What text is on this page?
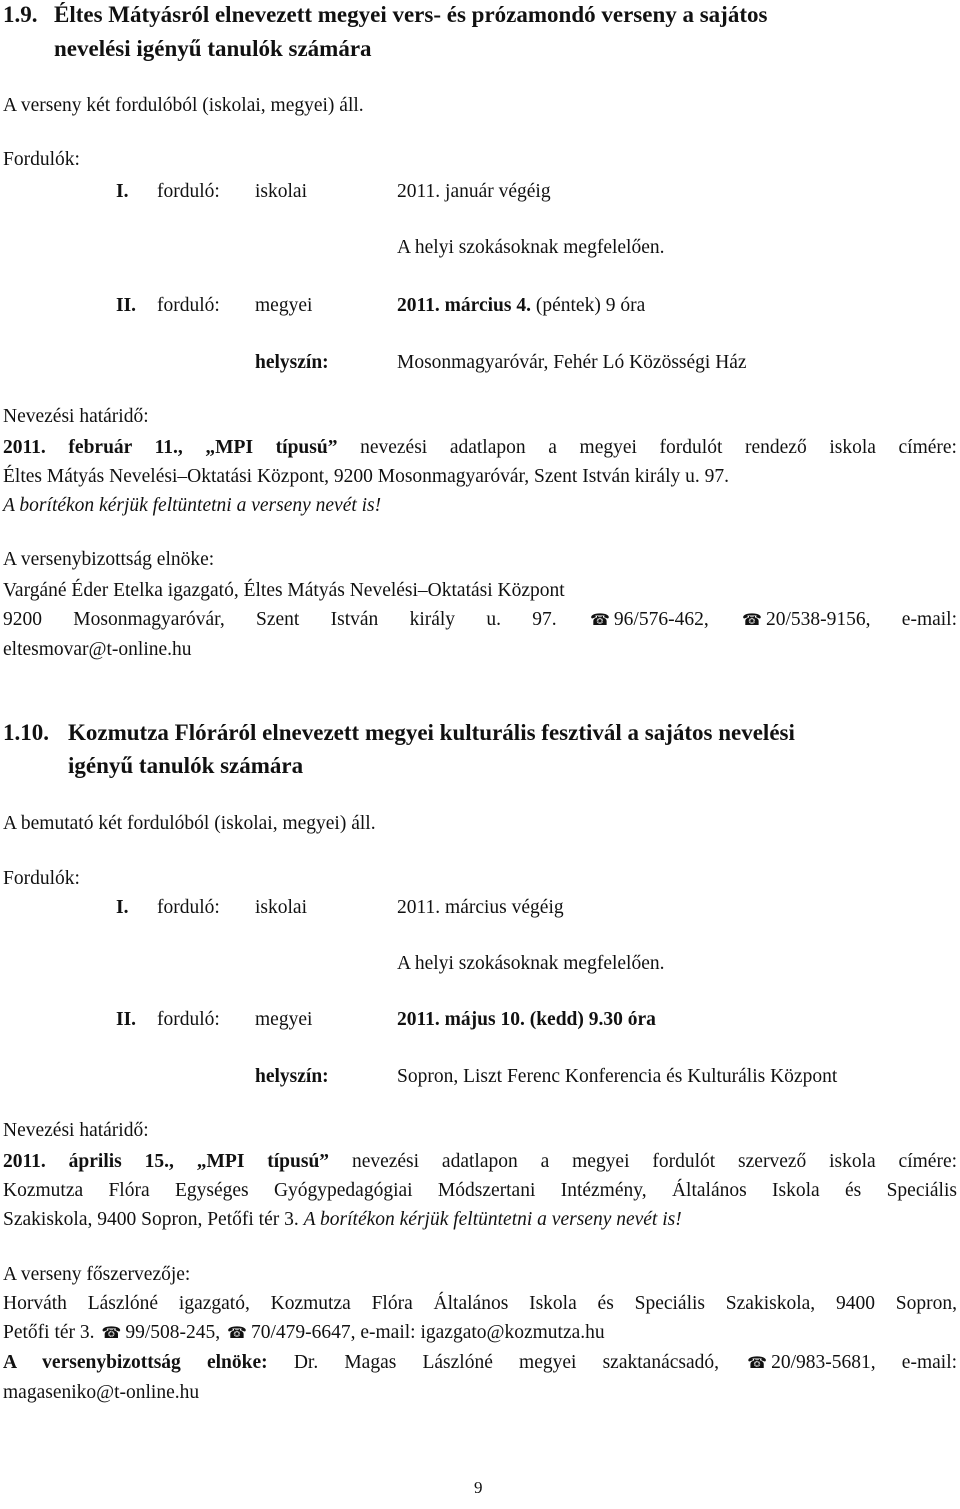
1.9. Éltes Mátyásról elnevezett megyei vers- és prózamondó verseny a sajátos
nevelési igényű tanulók számára
A verseny két fordulóból (iskolai, megyei) áll.
Fordulók:
I. forduló: iskolai	2011. január végéig
A helyi szokásoknak megfelelően.
II. forduló: megyei	2011. március 4. (péntek) 9 óra
helyszín:	Mosonmagyaróvár, Fehér Ló Közösségi Ház
Nevezési határidő:
2011. február 11., „MPI típusú” nevezési adatlapon a megyei fordulót rendező iskola címére:
Éltes Mátyás Nevelési–Oktatási Központ, 9200 Mosonmagyaróvár, Szent István király u. 97.
A borítékon kérjük feltüntetni a verseny nevét is!
A versenybizottság elnöke:
Vargáné Éder Etelka igazgató, Éltes Mátyás Nevelési–Oktatási Központ
9200 Mosonmagyaróvár, Szent István király u. 97. ☎ 96/576-462, ☎ 20/538-9156, e-mail:
eltesmovar@t-online.hu
1.10. Kozmutza Flóráról elnevezett megyei kulturális fesztivál a sajátos nevelési
igényű tanulók számára
A bemutató két fordulóból (iskolai, megyei) áll.
Fordulók:
I. forduló: iskolai	2011. március végéig
A helyi szokásoknak megfelelően.
II. forduló: megyei	2011. május 10. (kedd) 9.30 óra
helyszín:	Sopron, Liszt Ferenc Konferencia és Kulturális Központ
Nevezési határidő:
2011. április 15., „MPI típusú” nevezési adatlapon a megyei fordulót szervező iskola címére:
Kozmutza Flóra Egységes Gyógypedagógiai Módszertani Intézmény, Általános Iskola és Speciális
Szakiskola, 9400 Sopron, Petőfi tér 3. A borítékon kérjük feltüntetni a verseny nevét is!
A verseny főszervezője:
Horváth Lászlóné igazgató, Kozmutza Flóra Általános Iskola és Speciális Szakiskola, 9400 Sopron,
Petőfi tér 3. ☎ 99/508-245, ☎ 70/479-6647, e-mail: igazgato@kozmutza.hu
A versenybizottság elnöke: Dr. Magas Lászlóné megyei szaktanácsadó, ☎ 20/983-5681, e-mail:
magaseniko@t-online.hu
9
